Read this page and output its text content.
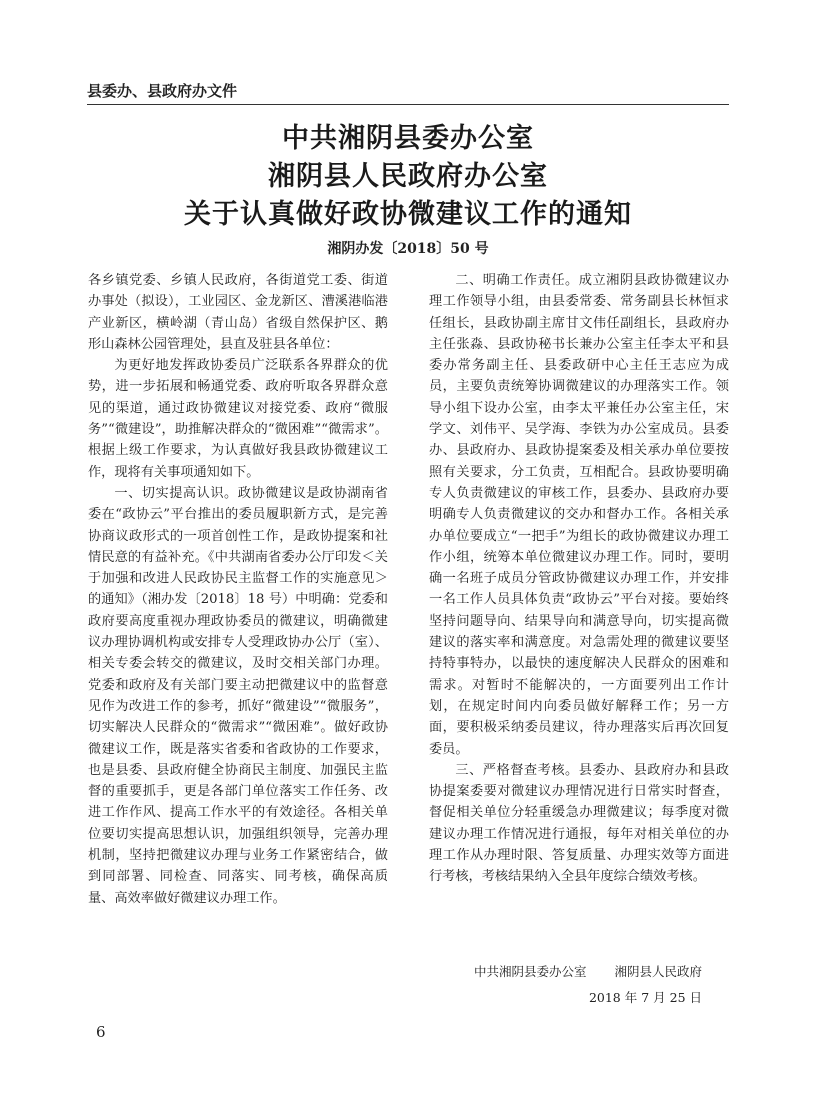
县委办、县政府办文件
中共湘阴县委办公室
湘阴县人民政府办公室
关于认真做好政协微建议工作的通知
湘阴办发〔2018〕50 号

各乡镇党委、乡镇人民政府，各街道党工委、街道办事处（拟设），工业园区、金龙新区、漕溪港临港产业新区，横岭湖（青山岛）省级自然保护区、鹅形山森林公园管理处，县直及驻县各单位：

为更好地发挥政协委员广泛联系各界群众的优势，进一步拓展和畅通党委、政府听取各界群众意见的渠道，通过政协微建议对接党委、政府“微服务”“微建设”，助推解决群众的“微困难”“微需求”。根据上级工作要求，为认真做好我县政协微建议工作，现将有关事项通知如下。

一、切实提高认识。政协微建议是政协湖南省委在“政协云”平台推出的委员履职新方式，是完善协商议政形式的一项首创性工作，是政协提案和社情民意的有益补充。《中共湖南省委办公厅印发＜关于加强和改进人民政协民主监督工作的实施意见＞的通知》（湘办发〔2018〕18 号）中明确：党委和政府要高度重视办理政协委员的微建议，明确微建议办理协调机构或安排专人受理政协办公厅（室）、相关专委会转交的微建议，及时交相关部门办理。党委和政府及有关部门要主动把微建议中的监督意见作为改进工作的参考，抓好“微建设”“微服务”，切实解决人民群众的“微需求”“微困难”。做好政协微建议工作，既是落实省委和省政协的工作要求，也是县委、县政府健全协商民主制度、加强民主监督的重要抓手，更是各部门单位落实工作任务、改进工作作风、提高工作水平的有效途径。各相关单位要切实提高思想认识，加强组织领导，完善办理机制，坚持把微建议办理与业务工作紧密结合，做到同部署、同检查、同落实、同考核，确保高质量、高效率做好微建议办理工作。

二、明确工作责任。成立湘阴县政协微建议办理工作领导小组，由县委常委、常务副县长林恒求任组长，县政协副主席甘文伟任副组长，县政府办主任张淼、县政协秘书长兼办公室主任李太平和县委办常务副主任、县委政研中心主任王志应为成员，主要负责统筹协调微建议的办理落实工作。领导小组下设办公室，由李太平兼任办公室主任，宋学文、刘伟平、吴学海、李铁为办公室成员。县委办、县政府办、县政协提案委及相关承办单位要按照有关要求，分工负责，互相配合。县政协要明确专人负责微建议的审核工作，县委办、县政府办要明确专人负责微建议的交办和督办工作。各相关承办单位要成立“一把手”为组长的政协微建议办理工作小组，统筹本单位微建议办理工作。同时，要明确一名班子成员分管政协微建议办理工作，并安排一名工作人员具体负责“政协云”平台对接。要始终坚持问题导向、结果导向和满意导向，切实提高微建议的落实率和满意度。对急需处理的微建议要坚持特事特办，以最快的速度解决人民群众的困难和需求。对暂时不能解决的，一方面要列出工作计划，在规定时间内向委员做好解释工作；另一方面，要积极采纳委员建议，待办理落实后再次回复委员。

三、严格督查考核。县委办、县政府办和县政协提案委要对微建议办理情况进行日常实时督查，督促相关单位分轻重缓急办理微建议；每季度对微建议办理工作情况进行通报，每年对相关单位的办理工作从办理时限、答复质量、办理实效等方面进行考核，考核结果纳入全县年度综合绩效考核。

中共湘阴县委办公室 湘阴县人民政府
2018 年 7 月 25 日
6
